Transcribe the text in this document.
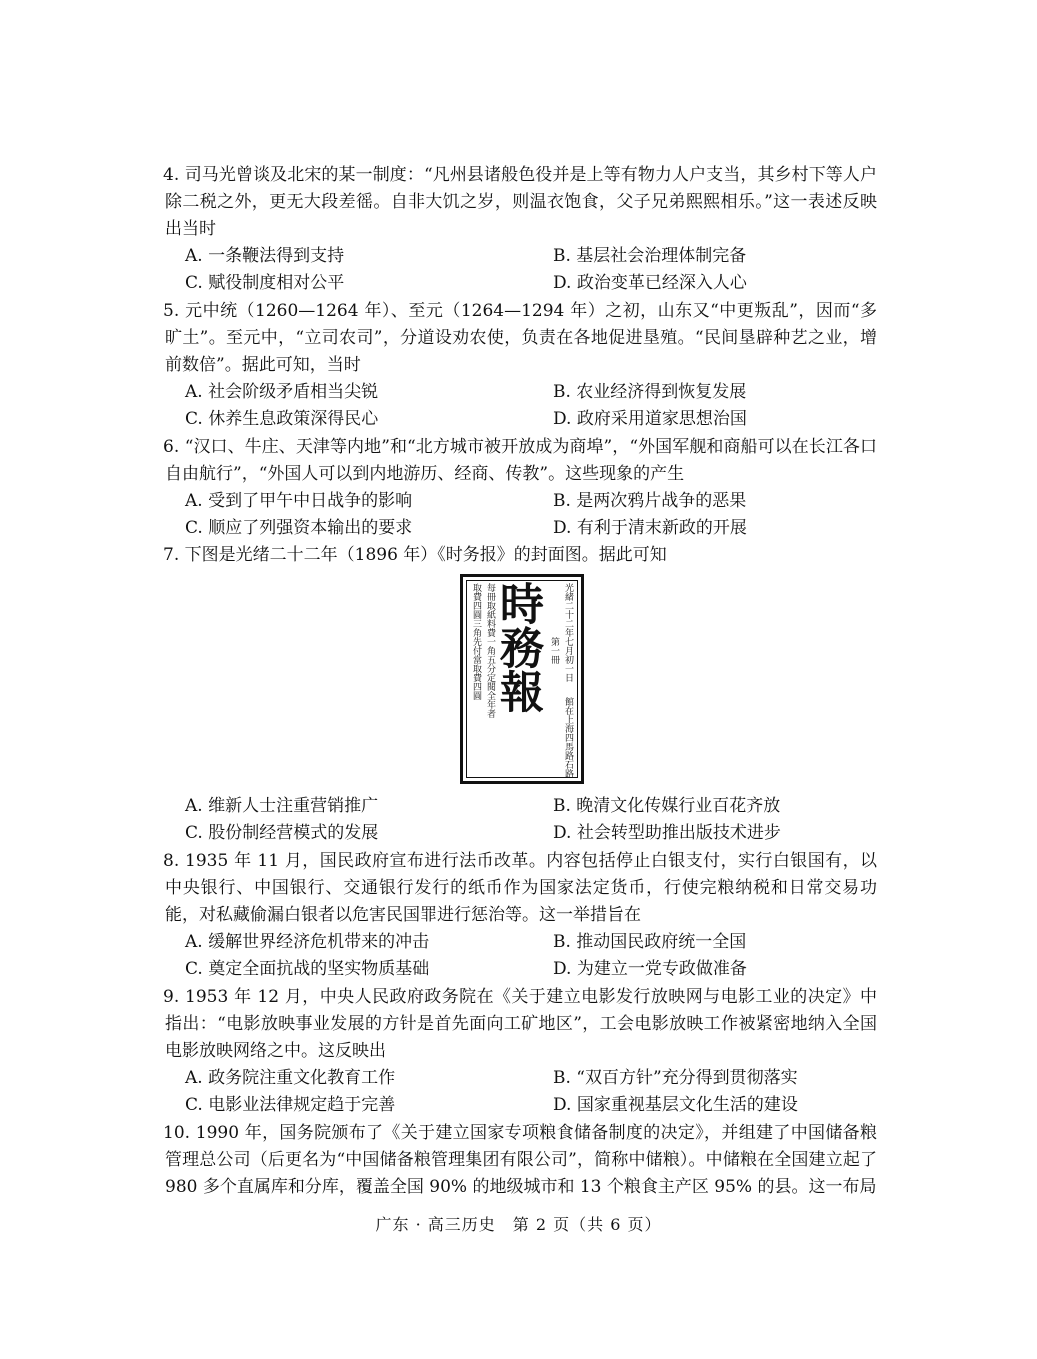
4. 司马光曾谈及北宋的某一制度：“凡州县诸般色役并是上等有物力人户支当，其乡村下等人户除二税之外，更无大段差徭。自非大饥之岁，则温衣饱食，父子兄弟熙熙相乐。”这一表述反映出当时
A. 一条鞭法得到支持	B. 基层社会治理体制完备
C. 赋役制度相对公平	D. 政治变革已经深入人心
5. 元中统（1260—1264 年）、至元（1264—1294 年）之初，山东又“中更叛乱”，因而“多旷土”。至元中，“立司农司”，分道设劝农使，负责在各地促进垦殖。“民间垦辟种艺之业，增前数倍”。据此可知，当时
A. 社会阶级矛盾相当尖锐	B. 农业经济得到恢复发展
C. 休养生息政策深得民心	D. 政府采用道家思想治国
6. “汉口、牛庄、天津等内地”和“北方城市被开放成为商埠”，“外国军舰和商船可以在长江各口自由航行”，“外国人可以到内地游历、经商、传教”。这些现象的产生
A. 受到了甲午中日战争的影响	B. 是两次鸦片战争的恶果
C. 顺应了列强资本输出的要求	D. 有利于清末新政的开展
7. 下图是光绪二十二年（1896 年）《时务报》的封面图。据此可知
光緒二十二年七月初一日
第一冊
館在上海四馬路石路
時務報
每冊取紙料費一角五分定閱全年者
取費四圓三角先付當取費四圓
A. 维新人士注重营销推广	B. 晚清文化传媒行业百花齐放
C. 股份制经营模式的发展	D. 社会转型助推出版技术进步
8. 1935 年 11 月，国民政府宣布进行法币改革。内容包括停止白银支付，实行白银国有，以中央银行、中国银行、交通银行发行的纸币作为国家法定货币，行使完粮纳税和日常交易功能，对私藏偷漏白银者以危害民国罪进行惩治等。这一举措旨在
A. 缓解世界经济危机带来的冲击	B. 推动国民政府统一全国
C. 奠定全面抗战的坚实物质基础	D. 为建立一党专政做准备
9. 1953 年 12 月，中央人民政府政务院在《关于建立电影发行放映网与电影工业的决定》中指出：“电影放映事业发展的方针是首先面向工矿地区”，工会电影放映工作被紧密地纳入全国电影放映网络之中。这反映出
A. 政务院注重文化教育工作	B. “双百方针”充分得到贯彻落实
C. 电影业法律规定趋于完善	D. 国家重视基层文化生活的建设
10. 1990 年，国务院颁布了《关于建立国家专项粮食储备制度的决定》，并组建了中国储备粮管理总公司（后更名为“中国储备粮管理集团有限公司”，简称中储粮）。中储粮在全国建立起了 980 多个直属库和分库，覆盖全国 90% 的地级城市和 13 个粮食主产区 95% 的县。这一布局
广东 · 高三历史　第 2 页（共 6 页）
